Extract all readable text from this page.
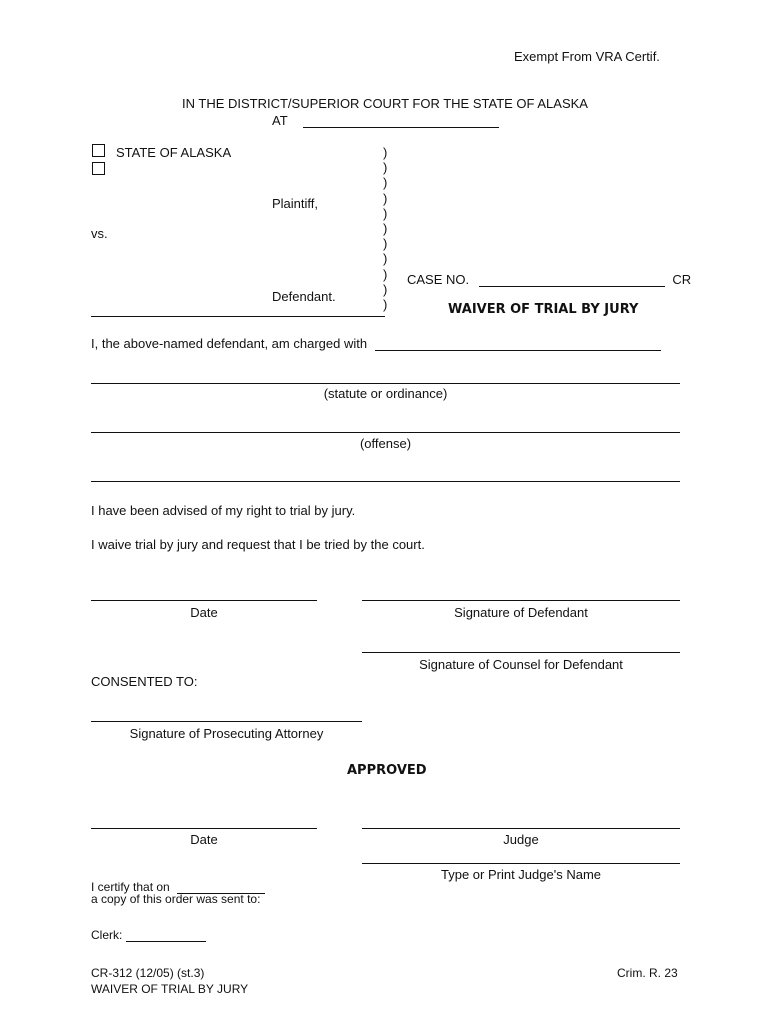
Exempt From VRA Certif.
IN THE DISTRICT/SUPERIOR COURT FOR THE STATE OF ALASKA
AT
STATE OF ALASKA
Plaintiff,
vs.
Defendant.
)
)
)
)
)
)
)
)
)
)
)
CASE NO.	CR
WAIVER OF TRIAL BY JURY
I, the above-named defendant, am charged with
(statute or ordinance)
(offense)
I have been advised of my right to trial by jury.
I waive trial by jury and request that I be tried by the court.
Date	Signature of Defendant
Signature of Counsel for Defendant
CONSENTED TO:
Signature of Prosecuting Attorney
APPROVED
Date	Judge
Type or Print Judge's Name
I certify that on
a copy of this order was sent to:
Clerk:
CR-312 (12/05) (st.3)
WAIVER OF TRIAL BY JURY
Crim. R. 23
